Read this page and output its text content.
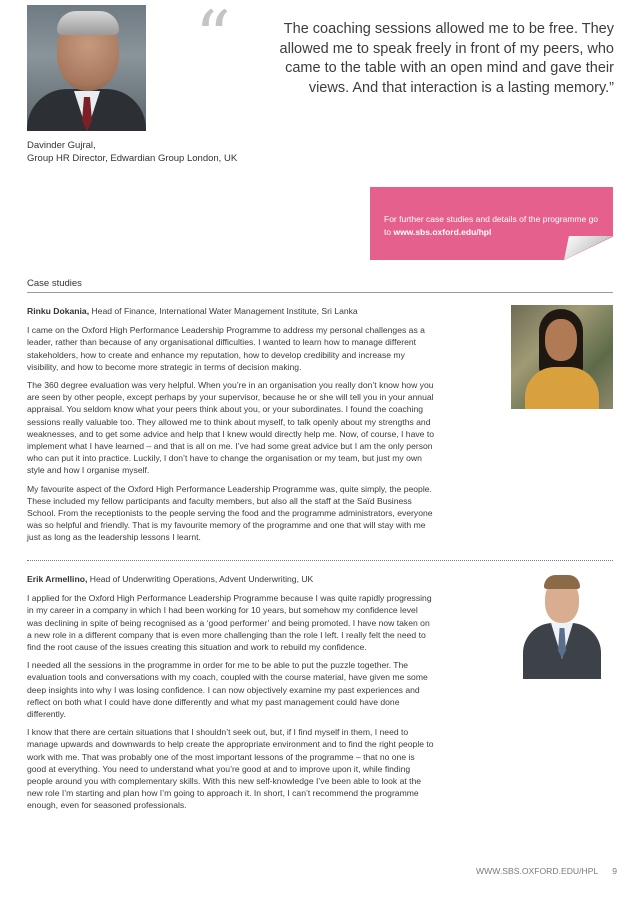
“	The coaching sessions allowed me to be free. They allowed me to speak freely in front of my peers, who came to the table with an open mind and gave their views. And that interaction is a lasting memory.”
Davinder Gujral,
Group HR Director, Edwardian Group London, UK
For further case studies and details of the programme go to www.sbs.oxford.edu/hpl
Case studies

Rinku Dokania, Head of Finance, International Water Management Institute, Sri Lanka

I came on the Oxford High Performance Leadership Programme to address my personal challenges as a leader, rather than because of any organisational difficulties. I wanted to learn how to manage different stakeholders, how to create and enhance my reputation, how to develop credibility and increase my visibility, and how to become more strategic in terms of decision making.

The 360 degree evaluation was very helpful. When you’re in an organisation you really don’t know how you are seen by other people, except perhaps by your supervisor, because he or she will tell you in your annual appraisal. You seldom know what your peers think about you, or your subordinates. I found the coaching sessions really valuable too. They allowed me to think about myself, to talk openly about my strengths and weaknesses, and to get some advice and help that I knew would directly help me. Now, of course, I have to implement what I have learned – and that is all on me. I’ve had some great advice but I am the only person who can put it into practice. Luckily, I don’t have to change the organisation or my team, but just my own style and how I organise myself.

My favourite aspect of the Oxford High Performance Leadership Programme was, quite simply, the people. These included my fellow participants and faculty members, but also all the staff at the Saïd Business School. From the receptionists to the people serving the food and the programme administrators, everyone was so helpful and friendly. That is my favourite memory of the programme and one that will stay with me just as long as the leadership lessons I learnt.

Erik Armellino, Head of Underwriting Operations, Advent Underwriting, UK

I applied for the Oxford High Performance Leadership Programme because I was quite rapidly progressing in my career in a company in which I had been working for 10 years, but somehow my confidence level was declining in spite of being recognised as a ‘good performer’ and being promoted. I have now taken on a new role in a different company that is even more challenging than the role I left. I really felt the need to find the root cause of the issues creating this situation and work to rebuild my confidence.

I needed all the sessions in the programme in order for me to be able to put the puzzle together. The evaluation tools and conversations with my coach, coupled with the course material, have given me some deep insights into why I was losing confidence. I can now objectively examine my past experiences and reflect on both what I could have done differently and what my past management could have done differently.

I know that there are certain situations that I shouldn’t seek out, but, if I find myself in them, I need to manage upwards and downwards to help create the appropriate environment and to find the right people to work with me. That was probably one of the most important lessons of the programme – that no one is good at everything. You need to understand what you’re good at and to improve upon it, while finding people around you with complementary skills. With this new self-knowledge I’ve been able to look at the new role I’m starting and plan how I’m going to approach it. In short, I can’t recommend the programme enough, even for seasoned professionals.

WWW.SBS.OXFORD.EDU/HPL 9
